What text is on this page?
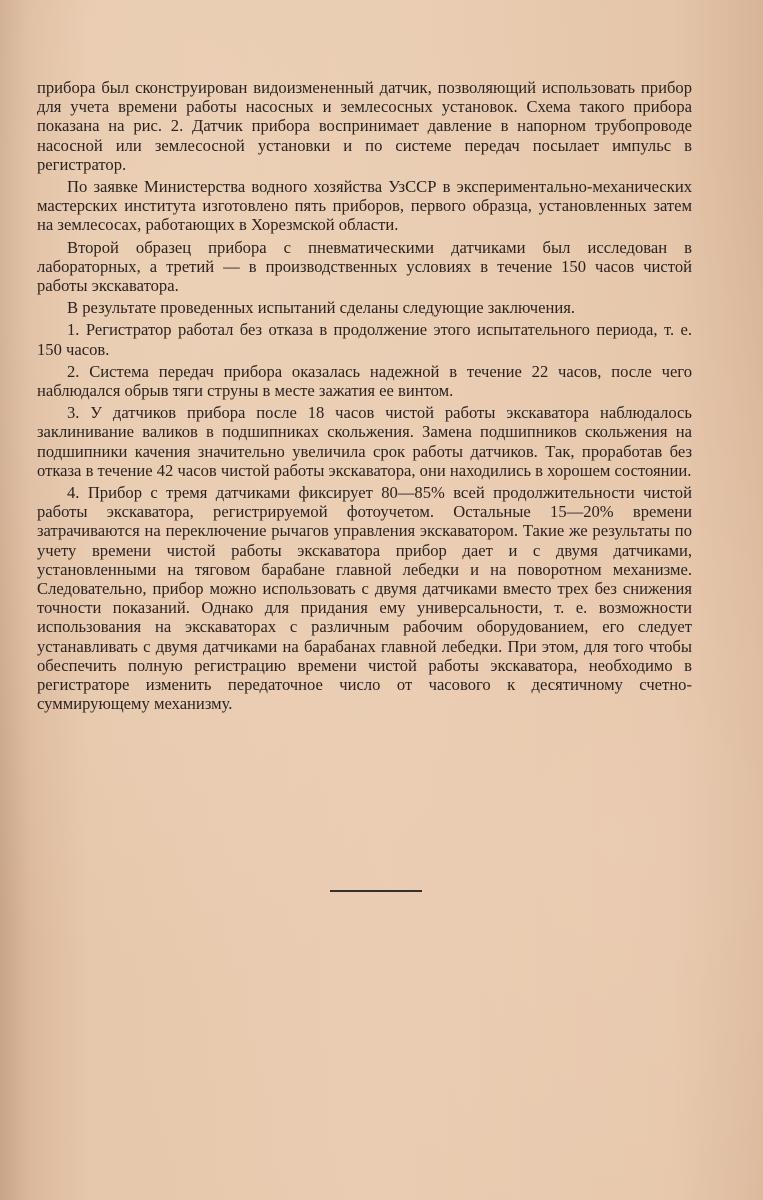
прибора был сконструирован видоизмененный датчик, позволяющий использовать прибор для учета времени работы насосных и землесосных установок. Схема такого прибора показана на рис. 2. Датчик прибора воспринимает давление в напорном трубопроводе насосной или землесосной установки и по системе передач посылает импульс в регистратор.

По заявке Министерства водного хозяйства УзССР в экспериментально-механических мастерских института изготовлено пять приборов, первого образца, установленных затем на землесосах, работающих в Хорезмской области.

Второй образец прибора с пневматическими датчиками был исследован в лабораторных, а третий — в производственных условиях в течение 150 часов чистой работы экскаватора.

В результате проведенных испытаний сделаны следующие заключения.

1. Регистратор работал без отказа в продолжение этого испытательного периода, т. е. 150 часов.

2. Система передач прибора оказалась надежной в течение 22 часов, после чего наблюдался обрыв тяги струны в месте зажатия ее винтом.

3. У датчиков прибора после 18 часов чистой работы экскаватора наблюдалось заклинивание валиков в подшипниках скольжения. Замена подшипников скольжения на подшипники качения значительно увеличила срок работы датчиков. Так, проработав без отказа в течение 42 часов чистой работы экскаватора, они находились в хорошем состоянии.

4. Прибор с тремя датчиками фиксирует 80—85% всей продолжительности чистой работы экскаватора, регистрируемой фотоучетом. Остальные 15—20% времени затрачиваются на переключение рычагов управления экскаватором. Такие же результаты по учету времени чистой работы экскаватора прибор дает и с двумя датчиками, установленными на тяговом барабане главной лебедки и на поворотном механизме. Следовательно, прибор можно использовать с двумя датчиками вместо трех без снижения точности показаний. Однако для придания ему универсальности, т. е. возможности использования на экскаваторах с различным рабочим оборудованием, его следует устанавливать с двумя датчиками на барабанах главной лебедки. При этом, для того чтобы обеспечить полную регистрацию времени чистой работы экскаватора, необходимо в регистраторе изменить передаточное число от часового к десятичному счетно-суммирующему механизму.
